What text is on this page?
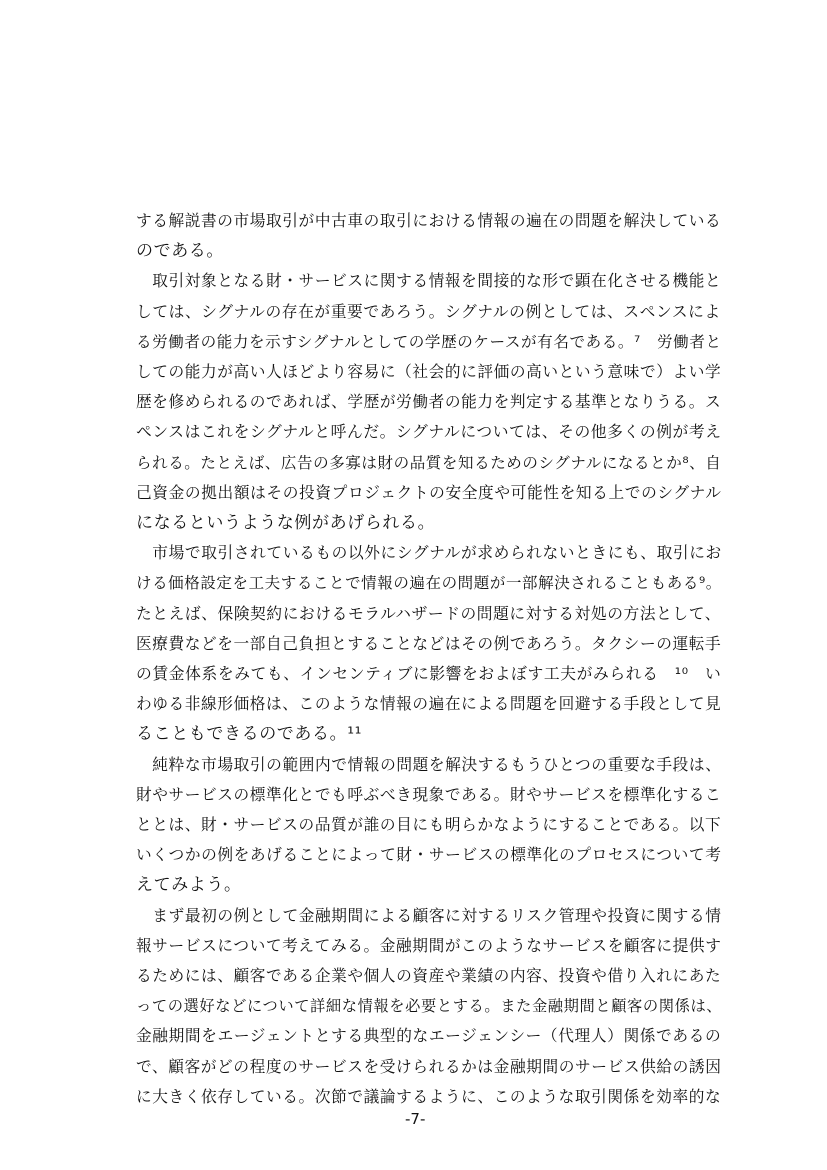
する解説書の市場取引が中古車の取引における情報の遍在の問題を解決している
のである。
　取引対象となる財・サービスに関する情報を間接的な形で顕在化させる機能と
しては、シグナルの存在が重要であろう。シグナルの例としては、スペンスによ
る労働者の能力を示すシグナルとしての学歴のケースが有名である。⁷　労働者と
しての能力が高い人ほどより容易に（社会的に評価の高いという意味で）よい学
歴を修められるのであれば、学歴が労働者の能力を判定する基準となりうる。ス
ペンスはこれをシグナルと呼んだ。シグナルについては、その他多くの例が考え
られる。たとえば、広告の多寡は財の品質を知るためのシグナルになるとか⁸、自
己資金の拠出額はその投資プロジェクトの安全度や可能性を知る上でのシグナル
になるというような例があげられる。
　市場で取引されているもの以外にシグナルが求められないときにも、取引にお
ける価格設定を工夫することで情報の遍在の問題が一部解決されることもある⁹。
たとえば、保険契約におけるモラルハザードの問題に対する対処の方法として、
医療費などを一部自己負担とすることなどはその例であろう。タクシーの運転手
の賃金体系をみても、インセンティブに影響をおよぼす工夫がみられる　¹⁰　い
わゆる非線形価格は、このような情報の遍在による問題を回避する手段として見
ることもできるのである。¹¹
　純粋な市場取引の範囲内で情報の問題を解決するもうひとつの重要な手段は、
財やサービスの標準化とでも呼ぶべき現象である。財やサービスを標準化するこ
ととは、財・サービスの品質が誰の目にも明らかなようにすることである。以下
いくつかの例をあげることによって財・サービスの標準化のプロセスについて考
えてみよう。
　まず最初の例として金融期間による顧客に対するリスク管理や投資に関する情
報サービスについて考えてみる。金融期間がこのようなサービスを顧客に提供す
るためには、顧客である企業や個人の資産や業績の内容、投資や借り入れにあた
っての選好などについて詳細な情報を必要とする。また金融期間と顧客の関係は、
金融期間をエージェントとする典型的なエージェンシー（代理人）関係であるの
で、顧客がどの程度のサービスを受けられるかは金融期間のサービス供給の誘因
に大きく依存している。次節で議論するように、このような取引関係を効率的な
-7-
